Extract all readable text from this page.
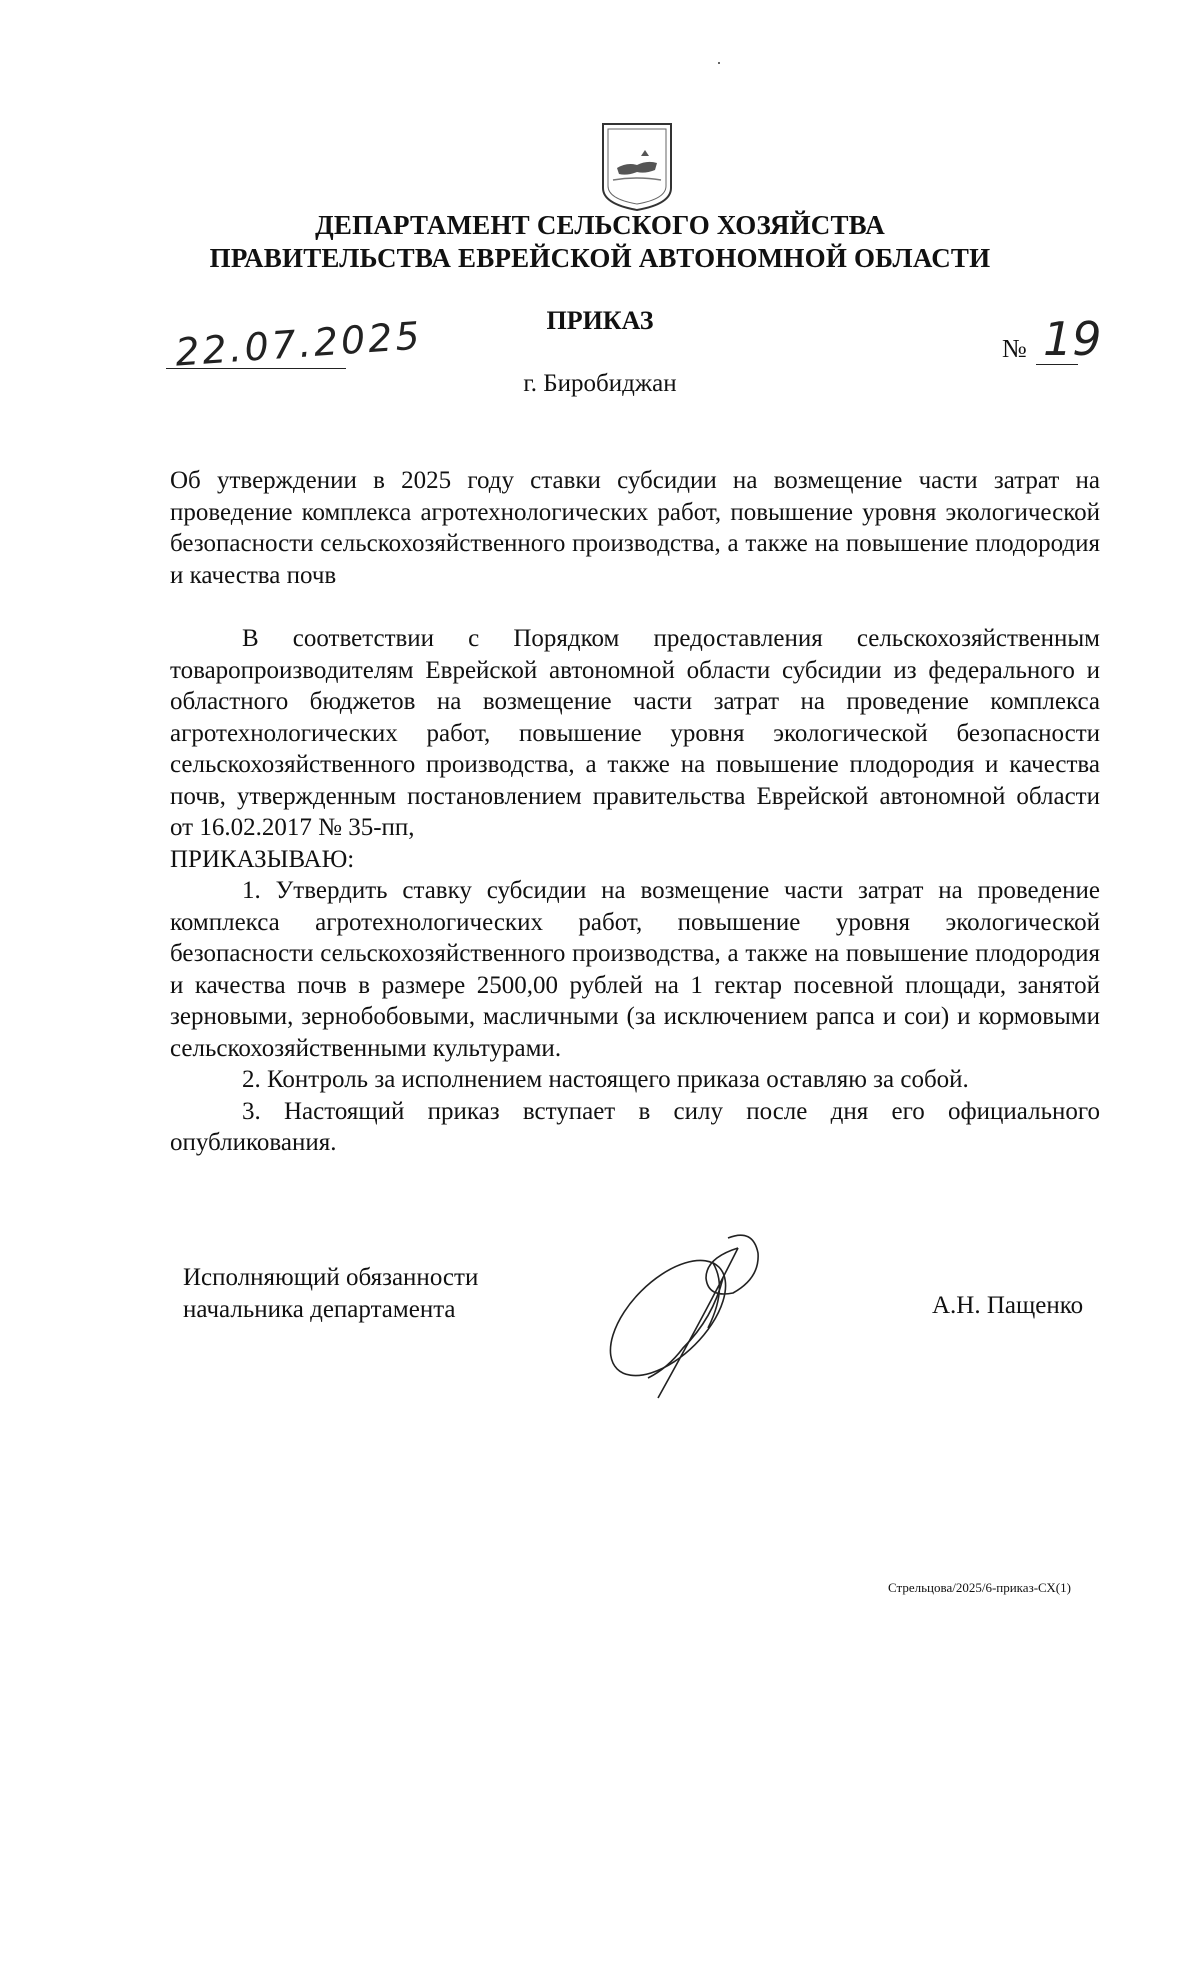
ДЕПАРТАМЕНТ СЕЛЬСКОГО ХОЗЯЙСТВА
ПРАВИТЕЛЬСТВА ЕВРЕЙСКОЙ АВТОНОМНОЙ ОБЛАСТИ
ПРИКАЗ
22.07.2025	№ 19
г. Биробиджан
Об утверждении в 2025 году ставки субсидии на возмещение части затрат на проведение комплекса агротехнологических работ, повышение уровня экологической безопасности сельскохозяйственного производства, а также на повышение плодородия и качества почв

В соответствии с Порядком предоставления сельскохозяйственным товаропроизводителям Еврейской автономной области субсидии из федерального и областного бюджетов на возмещение части затрат на проведение комплекса агротехнологических работ, повышение уровня экологической безопасности сельскохозяйственного производства, а также на повышение плодородия и качества почв, утвержденным постановлением правительства Еврейской автономной области от 16.02.2017 № 35-пп,

ПРИКАЗЫВАЮ:

1. Утвердить ставку субсидии на возмещение части затрат на проведение комплекса агротехнологических работ, повышение уровня экологической безопасности сельскохозяйственного производства, а также на повышение плодородия и качества почв в размере 2500,00 рублей на 1 гектар посевной площади, занятой зерновыми, зернобобовыми, масличными (за исключением рапса и сои) и кормовыми сельскохозяйственными культурами.

2. Контроль за исполнением настоящего приказа оставляю за собой.

3. Настоящий приказ вступает в силу после дня его официального опубликования.

Исполняющий обязанности
начальника департамента	А.Н. Пащенко
Стрельцова/2025/6-приказ-СХ(1)
